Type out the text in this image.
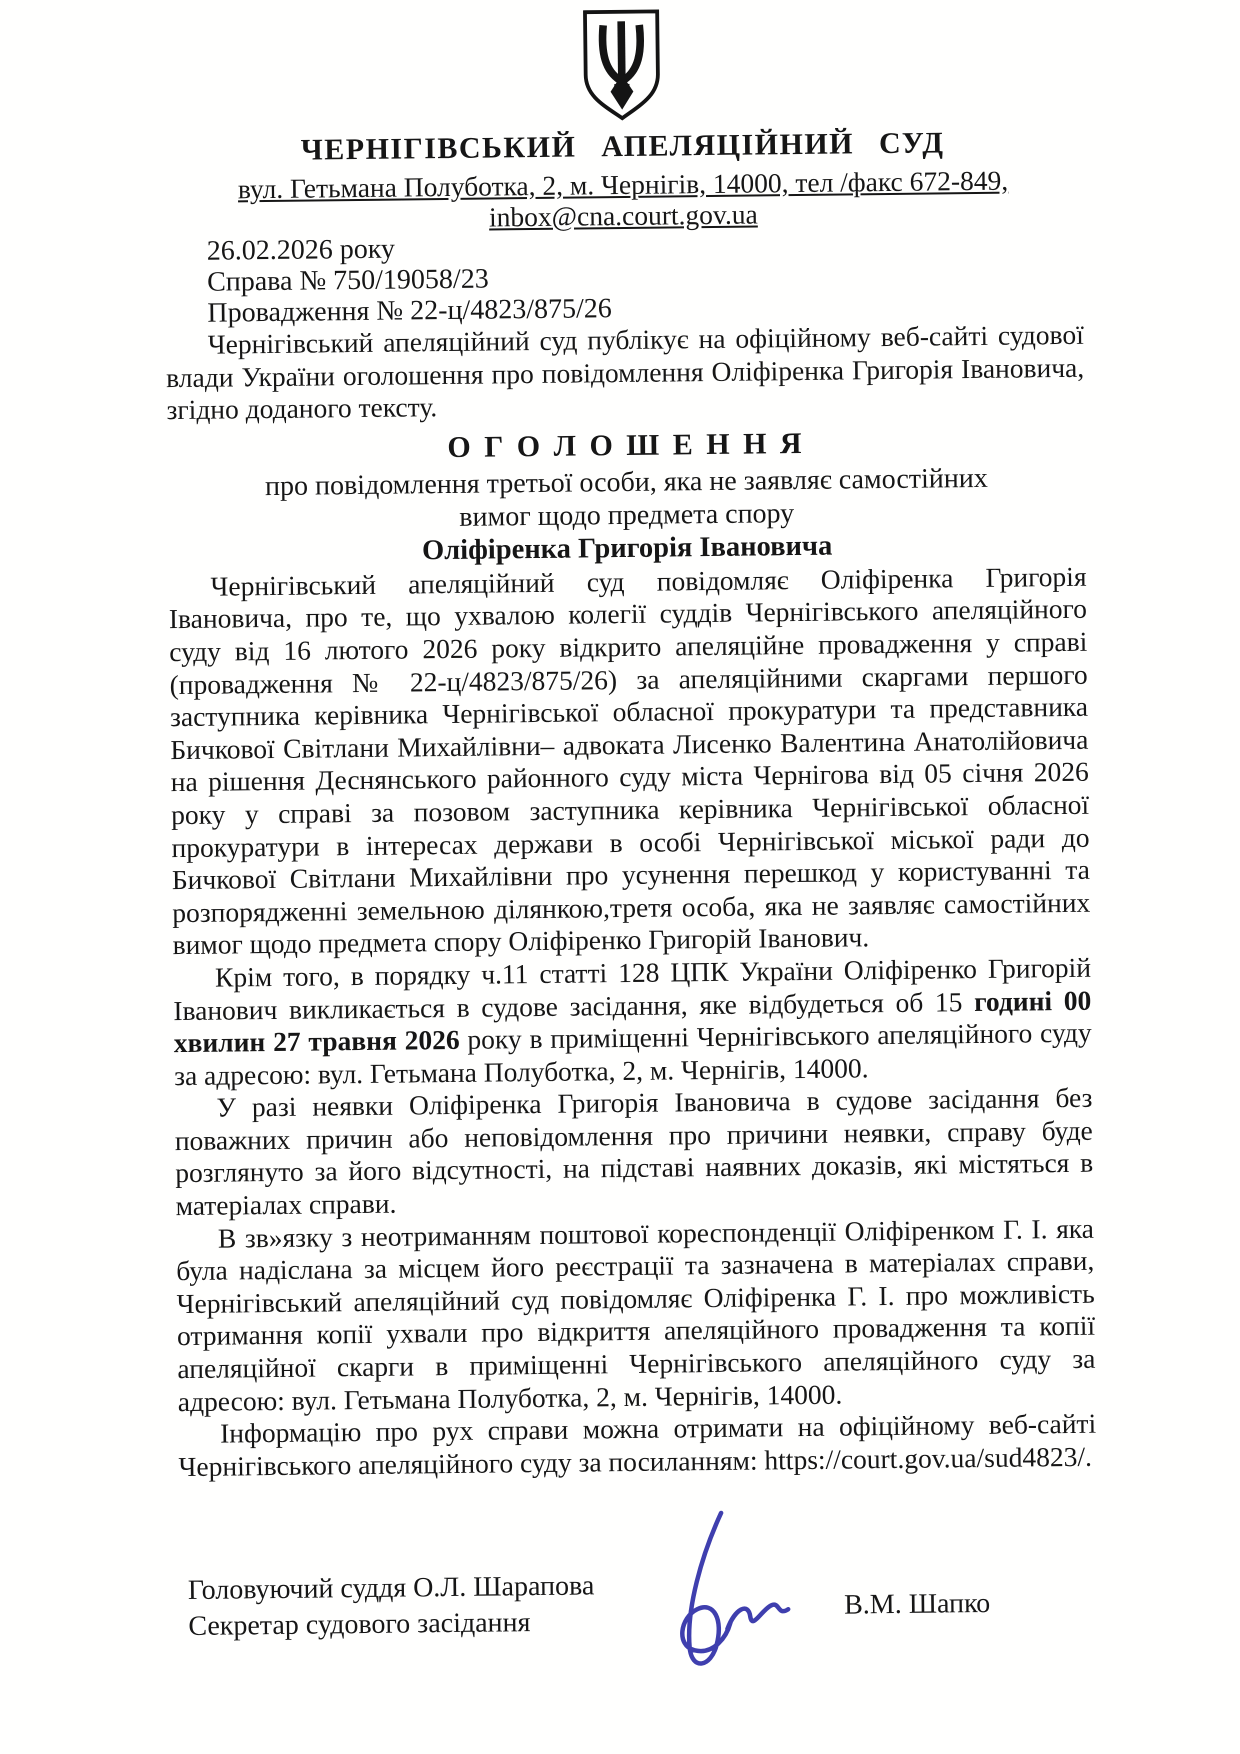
ЧЕРНІГІВСЬКИЙ АПЕЛЯЦІЙНИЙ СУД
вул. Гетьмана Полуботка, 2, м. Чернігів, 14000, тел /факс 672-849,
inbox@cna.court.gov.ua
26.02.2026 року
Справа № 750/19058/23
Провадження № 22-ц/4823/875/26

Чернігівський апеляційний суд публікує на офіційному веб-сайті судової влади України оголошення про повідомлення Оліфіренка Григорія Івановича, згідно доданого тексту.

О Г О Л О Ш Е Н Н Я
про повідомлення третьої особи, яка не заявляє самостійних
вимог щодо предмета спору
Оліфіренка Григорія Івановича

Чернігівський апеляційний суд повідомляє Оліфіренка Григорія Івановича, про те, що ухвалою колегії суддів Чернігівського апеляційного суду від 16 лютого 2026 року відкрито апеляційне провадження у справі (провадження № 22-ц/4823/875/26) за апеляційними скаргами першого заступника керівника Чернігівської обласної прокуратури та представника Бичкової Світлани Михайлівни– адвоката Лисенко Валентина Анатолійовича на рішення Деснянського районного суду міста Чернігова від 05 січня 2026 року у справі за позовом заступника керівника Чернігівської обласної прокуратури в інтересах держави в особі Чернігівської міської ради до Бичкової Світлани Михайлівни про усунення перешкод у користуванні та розпорядженні земельною ділянкою,третя особа, яка не заявляє самостійних вимог щодо предмета спору Оліфіренко Григорій Іванович.

Крім того, в порядку ч.11 статті 128 ЦПК України Оліфіренко Григорій Іванович викликається в судове засідання, яке відбудеться об 15 годині 00 хвилин 27 травня 2026 року в приміщенні Чернігівського апеляційного суду за адресою: вул. Гетьмана Полуботка, 2, м. Чернігів, 14000.

У разі неявки Оліфіренка Григорія Івановича в судове засідання без поважних причин або неповідомлення про причини неявки, справу буде розглянуто за його відсутності, на підставі наявних доказів, які містяться в матеріалах справи.

В зв»язку з неотриманням поштової кореспонденції Оліфіренком Г. І. яка була надіслана за місцем його реєстрації та зазначена в матеріалах справи, Чернігівський апеляційний суд повідомляє Оліфіренка Г. І. про можливість отримання копії ухвали про відкриття апеляційного провадження та копії апеляційної скарги в приміщенні Чернігівського апеляційного суду за адресою: вул. Гетьмана Полуботка, 2, м. Чернігів, 14000.

Інформацію про рух справи можна отримати на офіційному веб-сайті Чернігівського апеляційного суду за посиланням: https://court.gov.ua/sud4823/.

Головуючий суддя О.Л. Шарапова
Секретар судового засідання
В.М. Шапко
